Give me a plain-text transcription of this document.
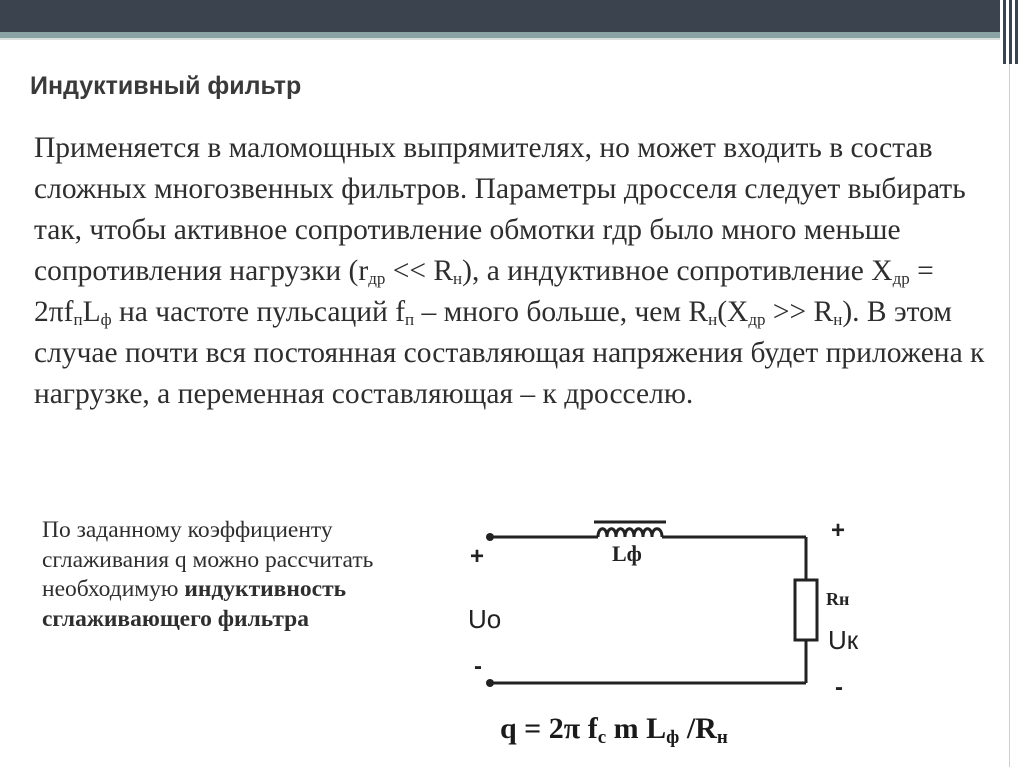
Индуктивный фильтр
Применяется в маломощных выпрямителях, но может входить в состав сложных многозвенных фильтров. Параметры дросселя следует выбирать так, чтобы активное сопротивление обмотки rдр было много меньше сопротивления нагрузки $(r_{др} << R_н)$, а индуктивное сопротивление $X_{др} = 2\pi f_пL_ф$ на частоте пульсаций $f_п$ – много больше, чем $R_н(X_{др} >> R_н)$. В этом случае почти вся постоянная составляющая напряжения будет приложена к нагрузке, а переменная составляющая – к дросселю.
По заданному коэффициенту сглаживания q можно рассчитать необходимую индуктивность сглаживающего фильтра
Lф
+
-
Uo
Rн
Uк
+
-
q = 2π $f_c$ m $L_ф$ $/R_н$
